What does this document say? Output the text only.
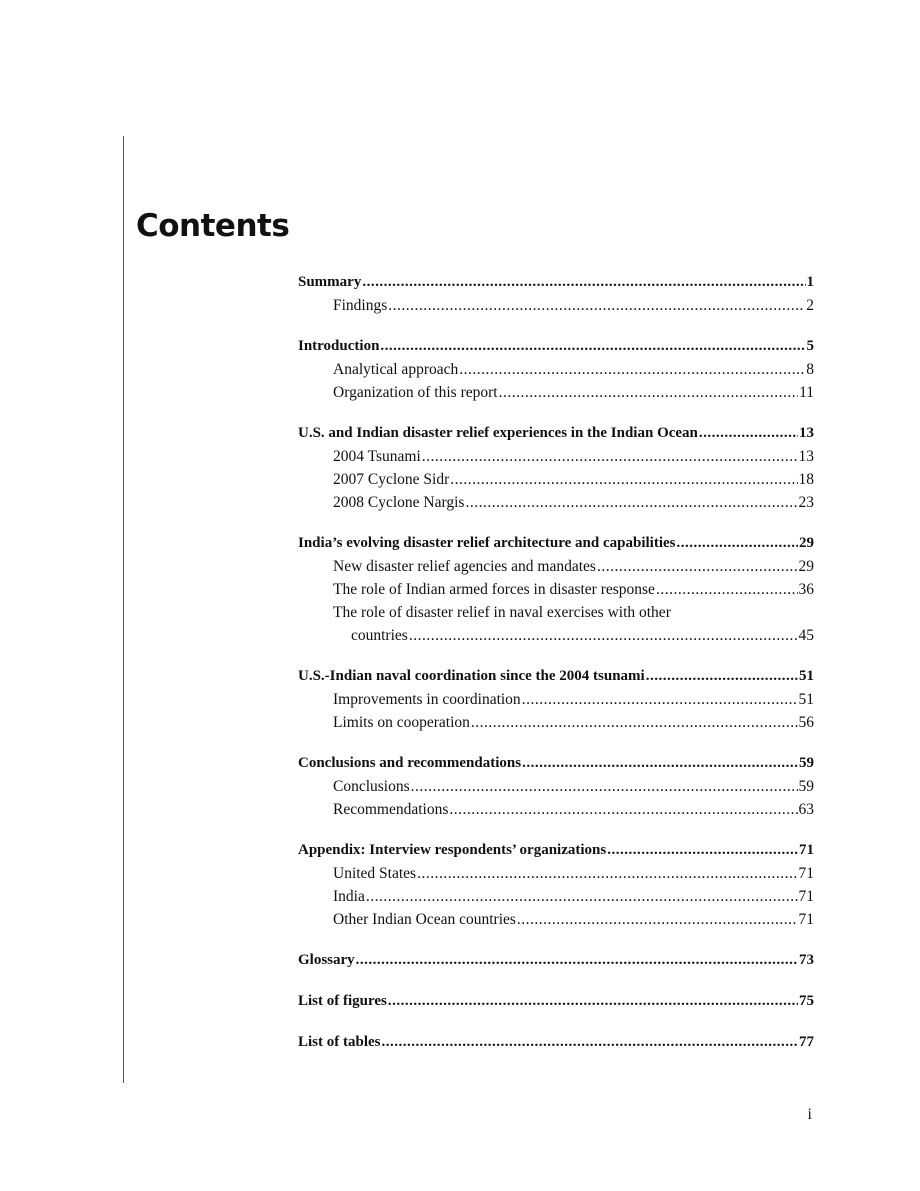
Contents
Summary .....	1
Findings .....	2
Introduction .....	5
Analytical approach .....	8
Organization of this report .....	11
U.S. and Indian disaster relief experiences in the Indian Ocean .....	13
2004 Tsunami .....	13
2007 Cyclone Sidr .....	18
2008 Cyclone Nargis .....	23
India’s evolving disaster relief architecture and capabilities .....	29
New disaster relief agencies and mandates .....	29
The role of Indian armed forces in disaster response .....	36
The role of disaster relief in naval exercises with other
countries .....	45
U.S.-Indian naval coordination since the 2004 tsunami .....	51
Improvements in coordination .....	51
Limits on cooperation .....	56
Conclusions and recommendations .....	59
Conclusions .....	59
Recommendations .....	63
Appendix: Interview respondents’ organizations .....	71
United States .....	71
India .....	71
Other Indian Ocean countries .....	71
Glossary .....	73
List of figures .....	75
List of tables .....	77
i
